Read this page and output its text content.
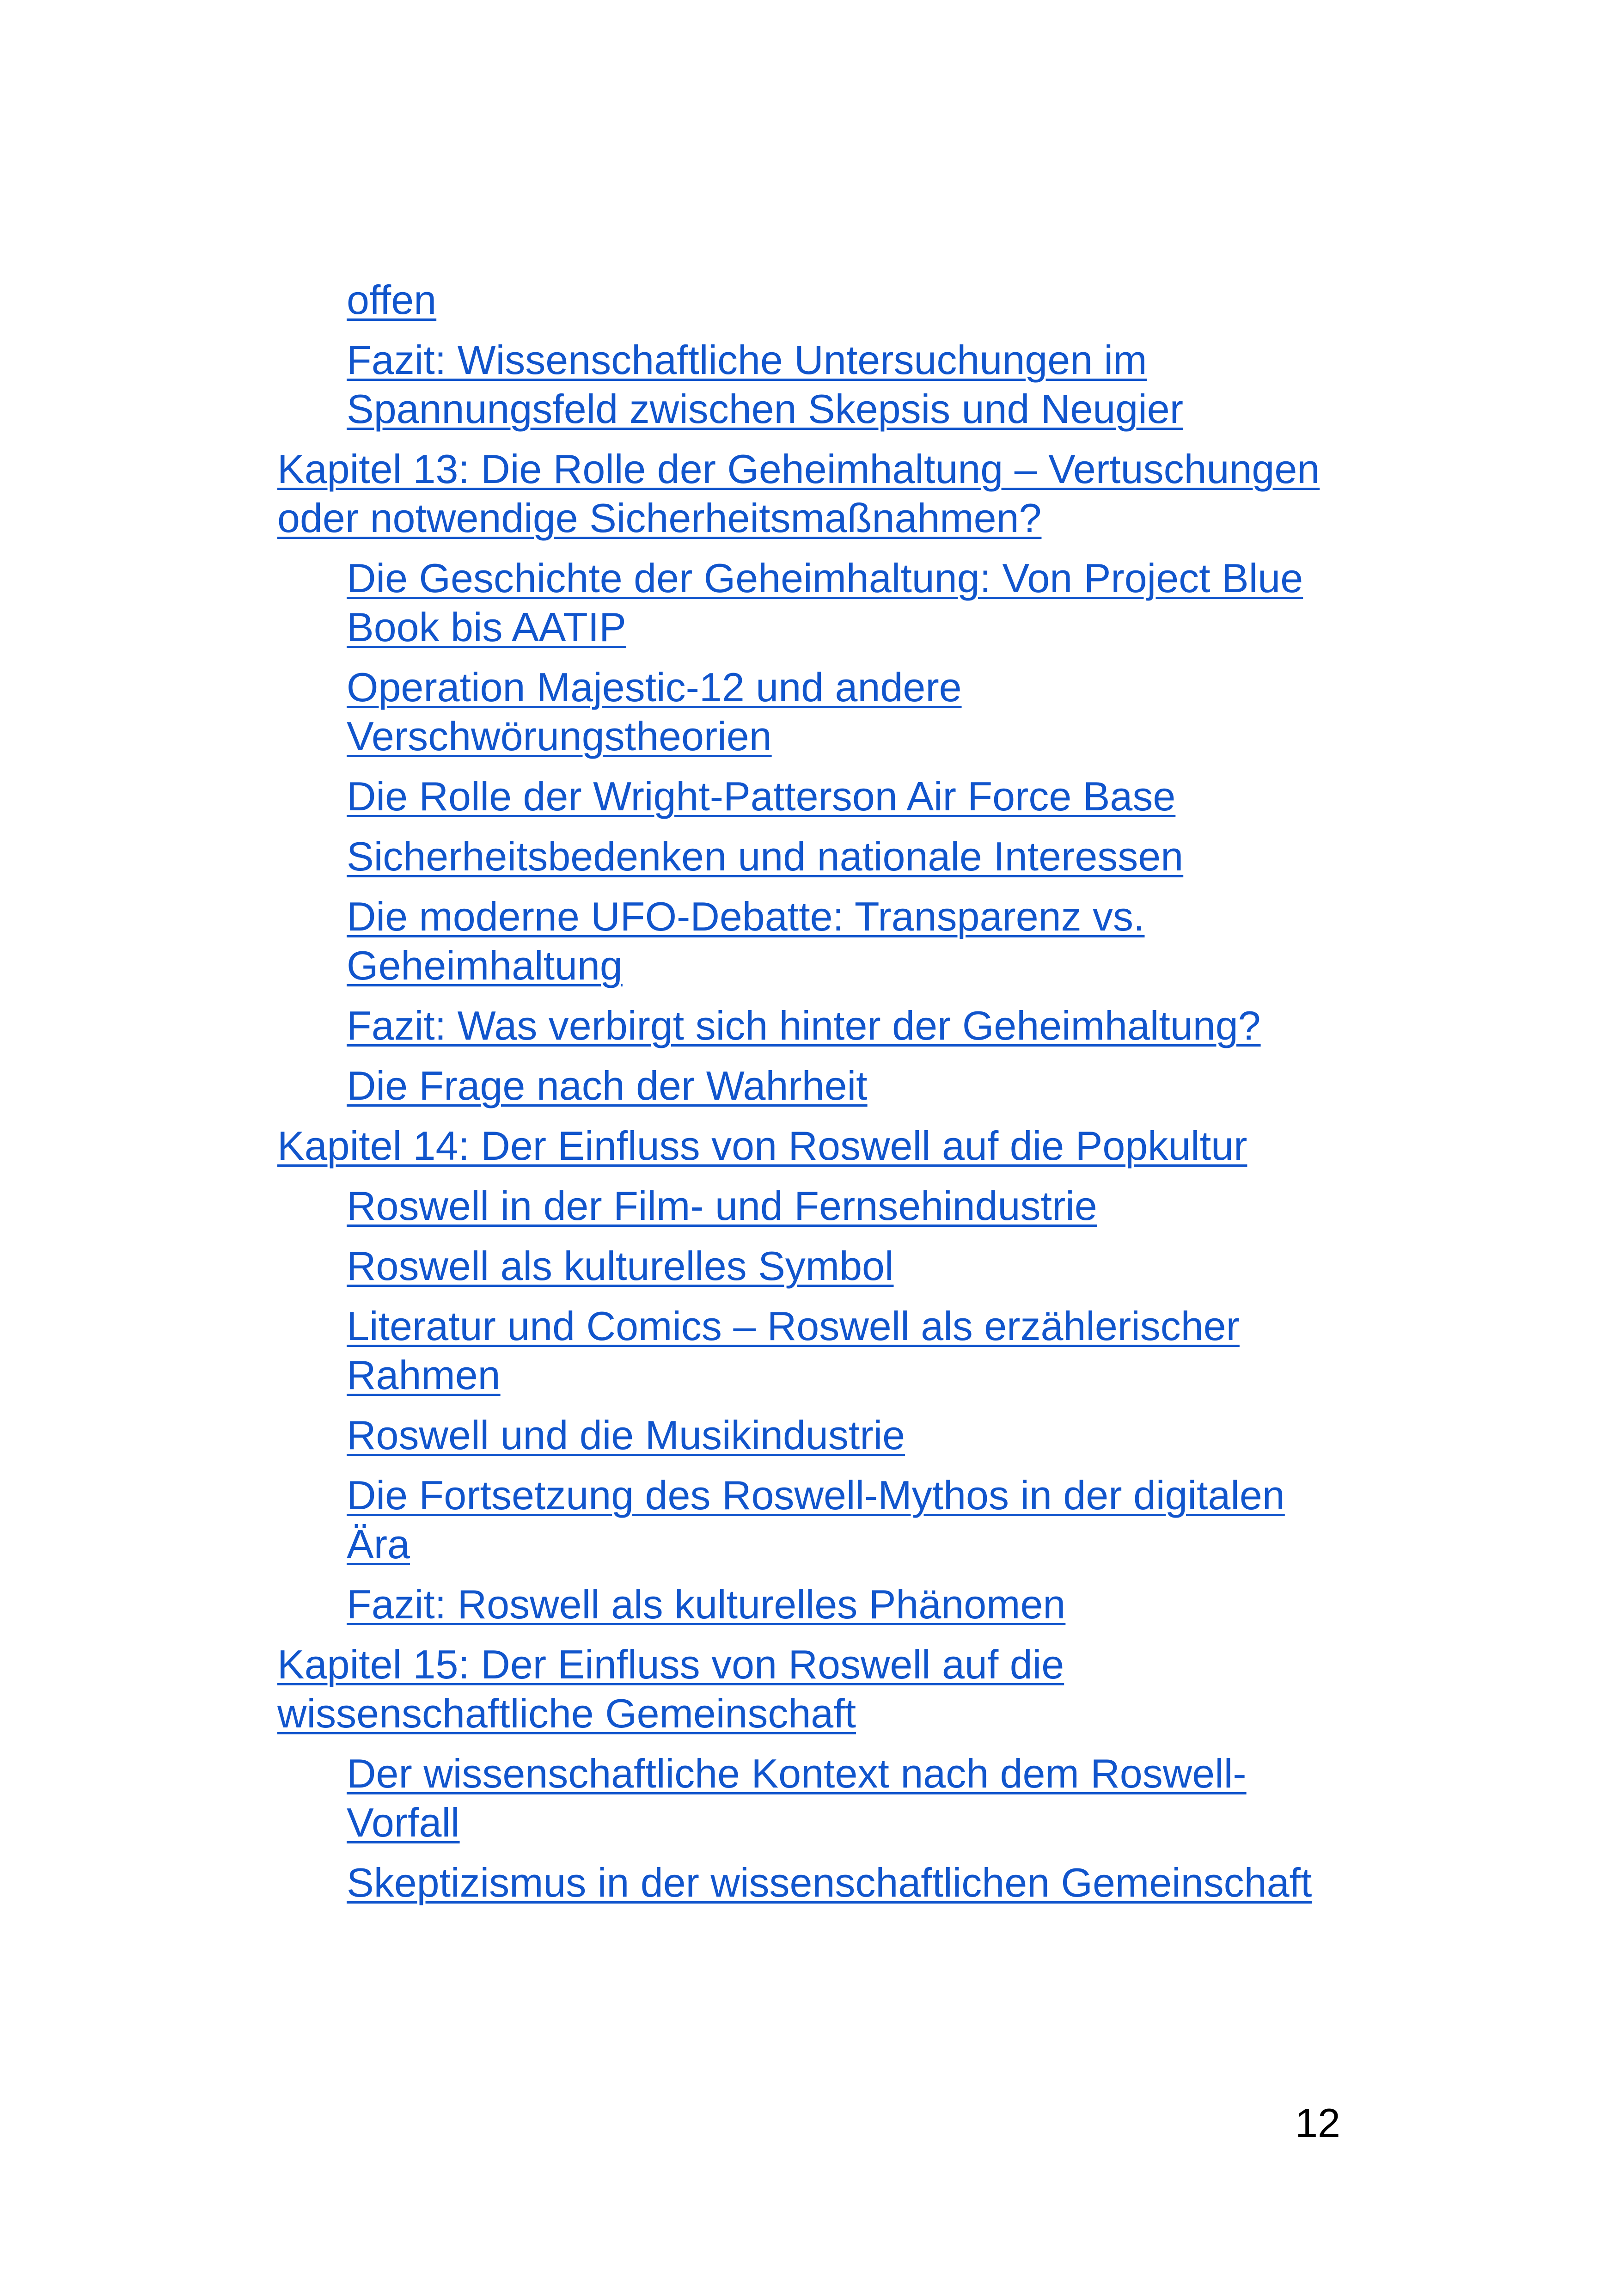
offen
Fazit: Wissenschaftliche Untersuchungen im Spannungsfeld zwischen Skepsis und Neugier
Kapitel 13: Die Rolle der Geheimhaltung – Vertuschungen oder notwendige Sicherheitsmaßnahmen?
Die Geschichte der Geheimhaltung: Von Project Blue Book bis AATIP
Operation Majestic-12 und andere Verschwörungstheorien
Die Rolle der Wright-Patterson Air Force Base
Sicherheitsbedenken und nationale Interessen
Die moderne UFO-Debatte: Transparenz vs. Geheimhaltung
Fazit: Was verbirgt sich hinter der Geheimhaltung?
Die Frage nach der Wahrheit
Kapitel 14: Der Einfluss von Roswell auf die Popkultur
Roswell in der Film- und Fernsehindustrie
Roswell als kulturelles Symbol
Literatur und Comics – Roswell als erzählerischer Rahmen
Roswell und die Musikindustrie
Die Fortsetzung des Roswell-Mythos in der digitalen Ära
Fazit: Roswell als kulturelles Phänomen
Kapitel 15: Der Einfluss von Roswell auf die wissenschaftliche Gemeinschaft
Der wissenschaftliche Kontext nach dem Roswell-Vorfall
Skeptizismus in der wissenschaftlichen Gemeinschaft
12
